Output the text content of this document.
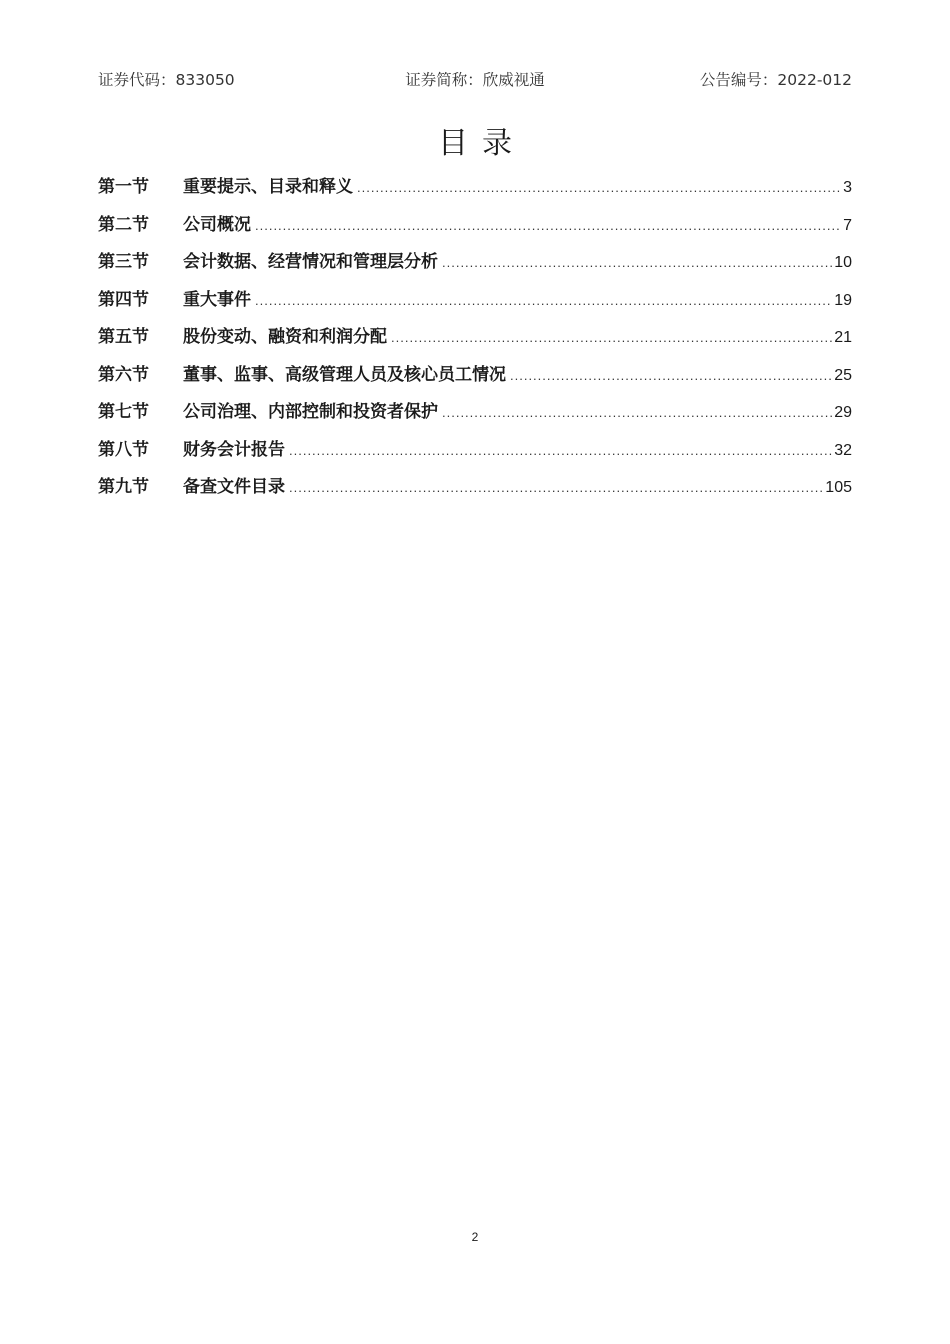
证券代码：833050	证券简称：欣威视通	公告编号：2022-012
目录
第一节	重要提示、目录和释义 .....	3
第二节	公司概况 .....	7
第三节	会计数据、经营情况和管理层分析 .....	10
第四节	重大事件 .....	19
第五节	股份变动、融资和利润分配 .....	21
第六节	董事、监事、高级管理人员及核心员工情况 .....	25
第七节	公司治理、内部控制和投资者保护 .....	29
第八节	财务会计报告 .....	32
第九节	备查文件目录 .....	105
2
